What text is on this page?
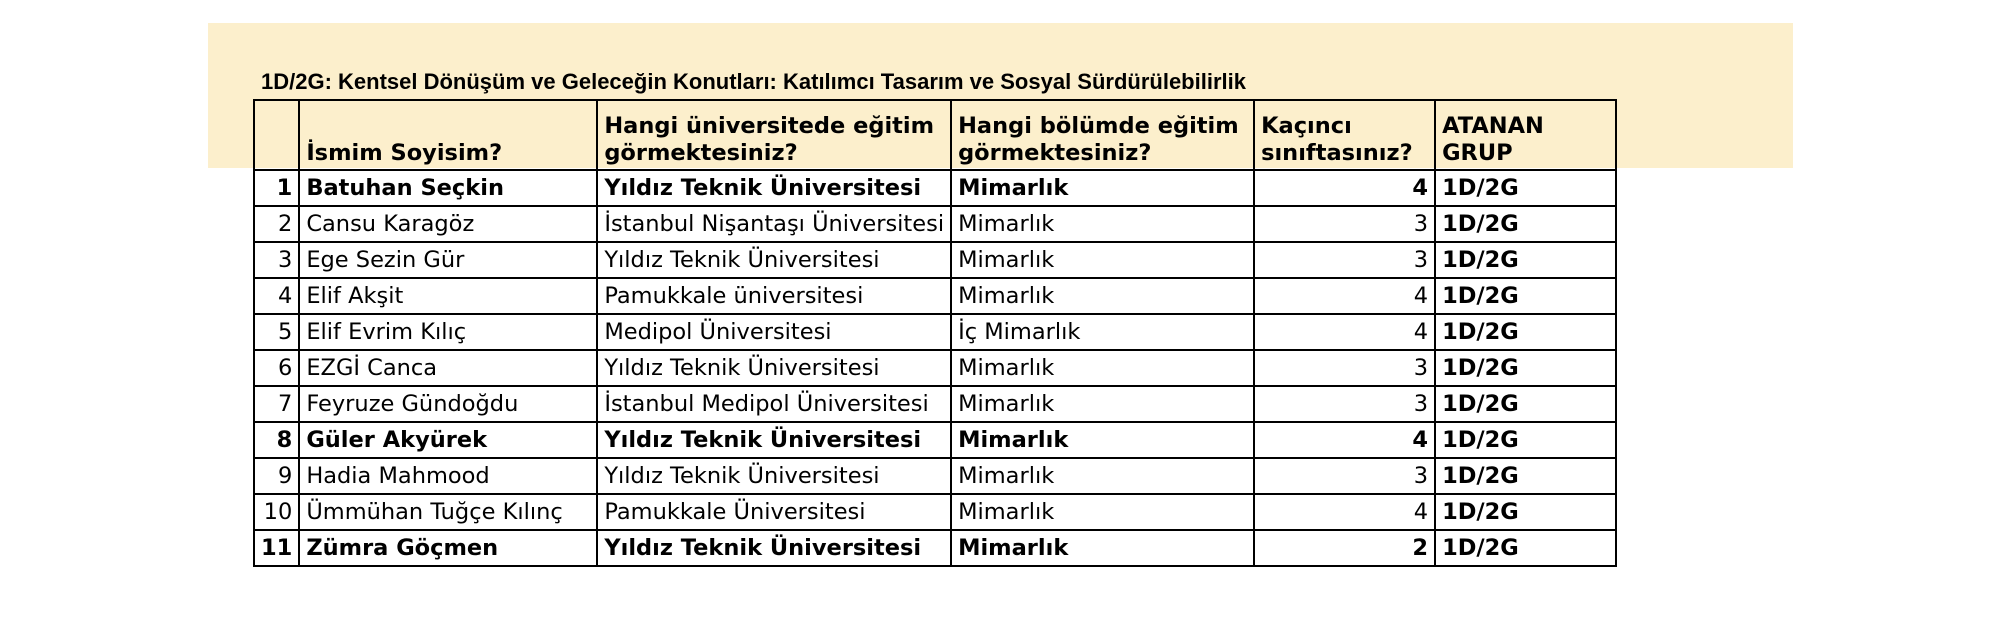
1D/2G: Kentsel Dönüşüm ve Geleceğin Konutları: Katılımcı Tasarım ve Sosyal Sürdürülebilirlik
	İsmim Soyisim?	Hangi üniversitede eğitim görmektesiniz?	Hangi bölümde eğitim görmektesiniz?	Kaçıncı sınıftasınız?	ATANAN GRUP
1	Batuhan Seçkin	Yıldız Teknik Üniversitesi	Mimarlık	4	1D/2G
2	Cansu Karagöz	İstanbul Nişantaşı Üniversitesi	Mimarlık	3	1D/2G
3	Ege Sezin Gür	Yıldız Teknik Üniversitesi	Mimarlık	3	1D/2G
4	Elif Akşit	Pamukkale üniversitesi	Mimarlık	4	1D/2G
5	Elif Evrim Kılıç	Medipol Üniversitesi	İç Mimarlık	4	1D/2G
6	EZGİ Canca	Yıldız Teknik Üniversitesi	Mimarlık	3	1D/2G
7	Feyruze Gündoğdu	İstanbul Medipol Üniversitesi	Mimarlık	3	1D/2G
8	Güler Akyürek	Yıldız Teknik Üniversitesi	Mimarlık	4	1D/2G
9	Hadia Mahmood	Yıldız Teknik Üniversitesi	Mimarlık	3	1D/2G
10	Ümmühan Tuğçe Kılınç	Pamukkale Üniversitesi	Mimarlık	4	1D/2G
11	Zümra Göçmen	Yıldız Teknik Üniversitesi	Mimarlık	2	1D/2G
